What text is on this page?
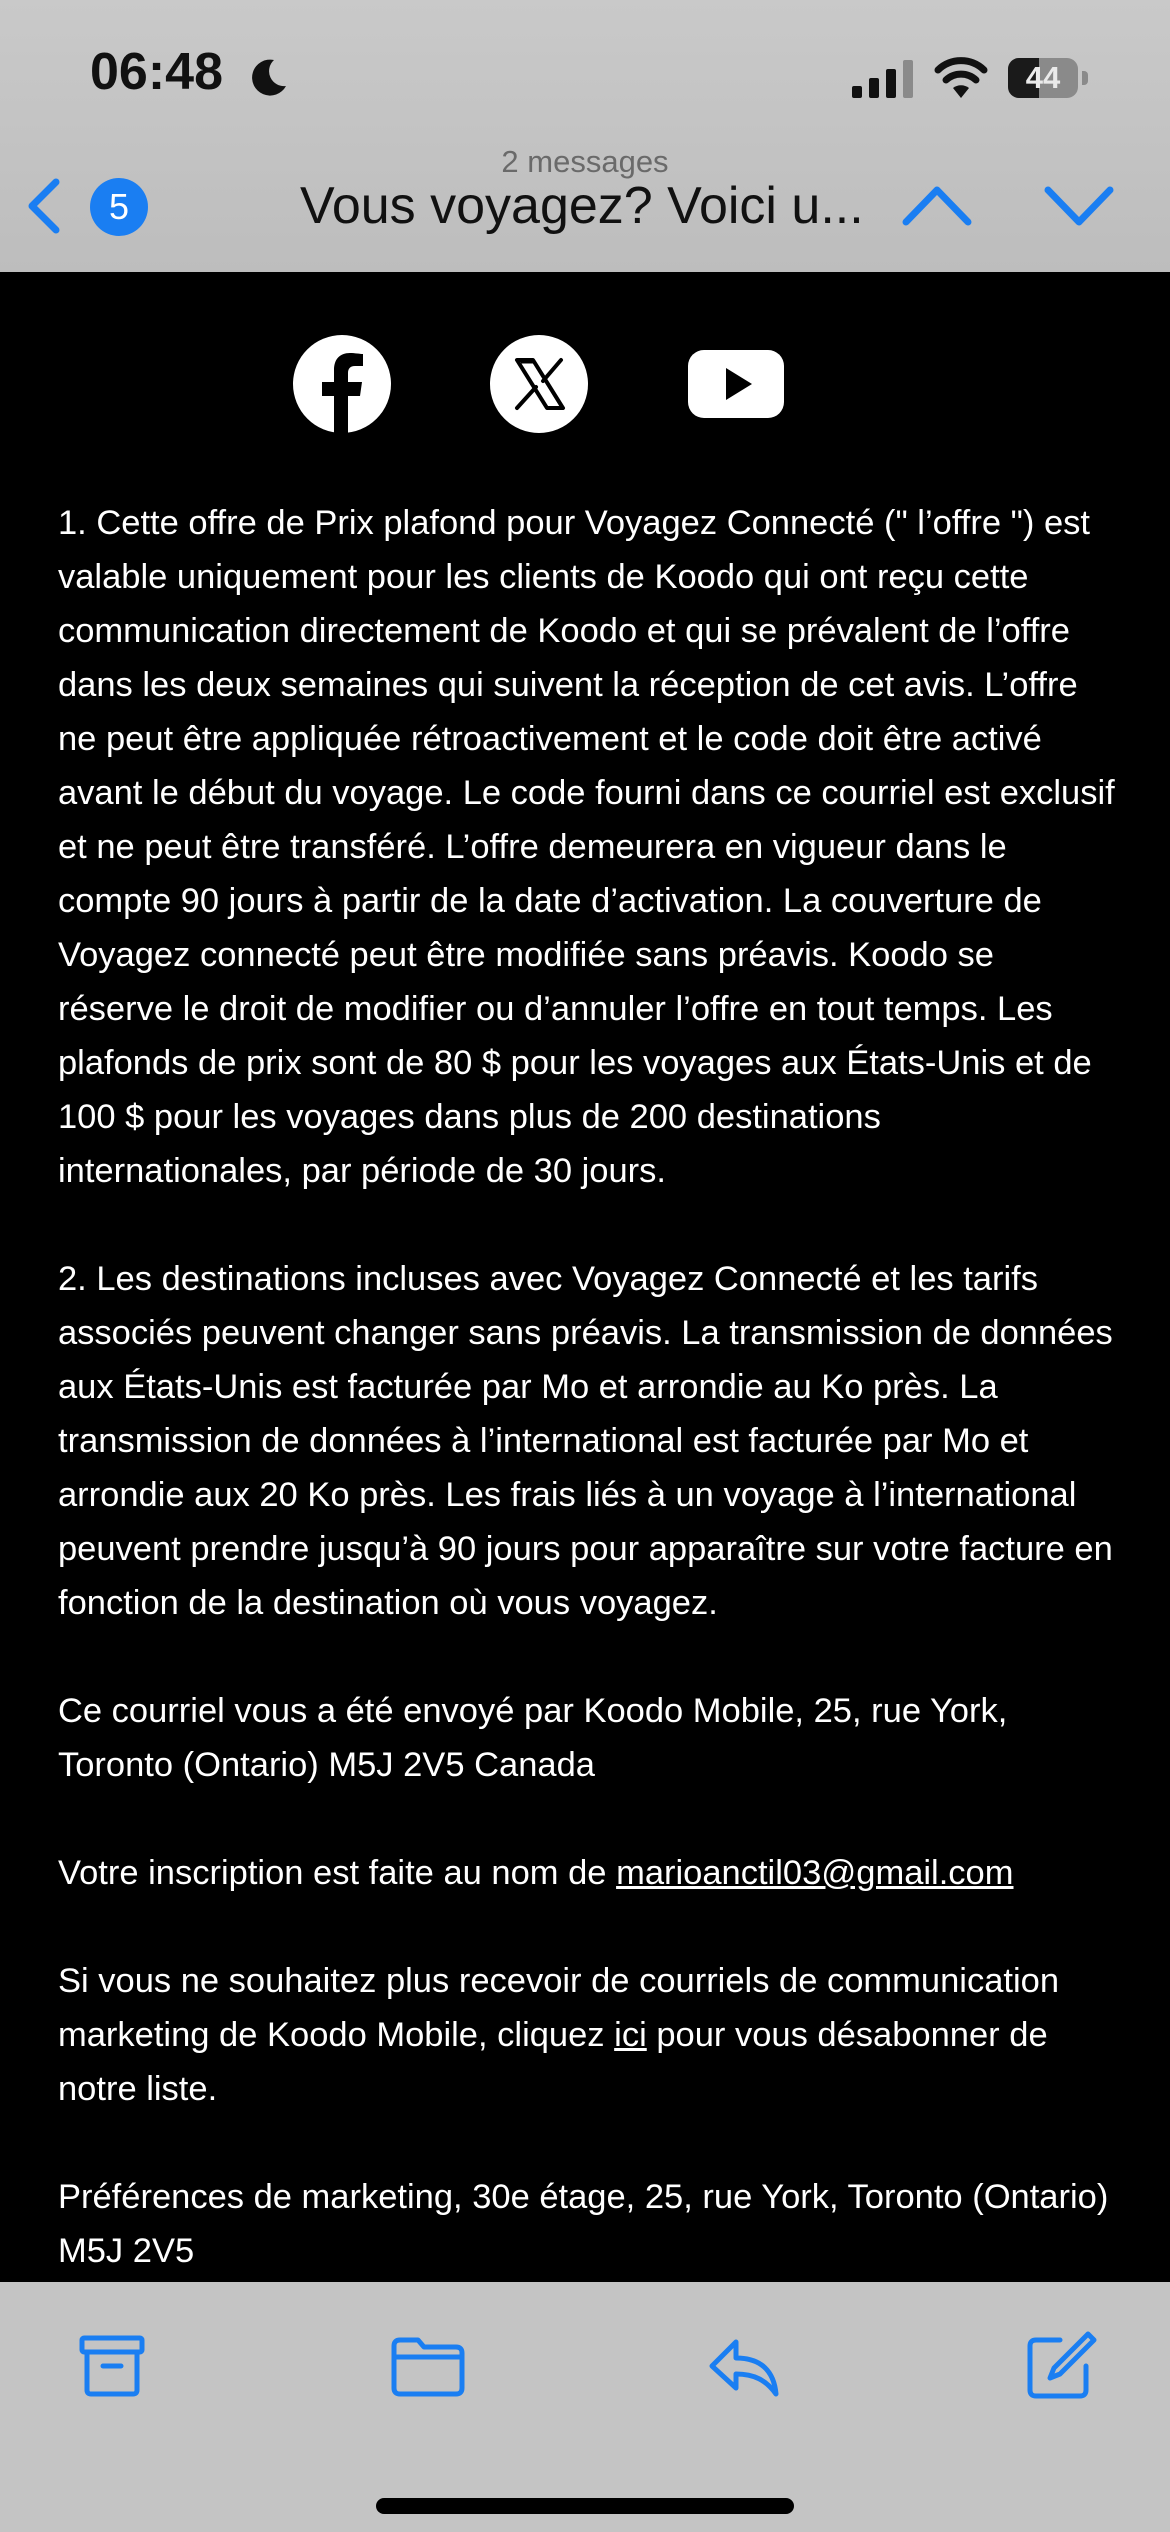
06:48	44
5
2 messages
Vous voyagez? Voici u...

1. Cette offre de Prix plafond pour Voyagez Connecté (" l’offre ") est valable uniquement pour les clients de Koodo qui ont reçu cette communication directement de Koodo et qui se prévalent de l’offre dans les deux semaines qui suivent la réception de cet avis. L’offre ne peut être appliquée rétroactivement et le code doit être activé avant le début du voyage. Le code fourni dans ce courriel est exclusif et ne peut être transféré. L’offre demeurera en vigueur dans le compte 90 jours à partir de la date d’activation. La couverture de Voyagez connecté peut être modifiée sans préavis. Koodo se réserve le droit de modifier ou d’annuler l’offre en tout temps. Les plafonds de prix sont de 80 $ pour les voyages aux États-Unis et de 100 $ pour les voyages dans plus de 200 destinations internationales, par période de 30 jours.

2. Les destinations incluses avec Voyagez Connecté et les tarifs associés peuvent changer sans préavis. La transmission de données aux États-Unis est facturée par Mo et arrondie au Ko près. La transmission de données à l’international est facturée par Mo et arrondie aux 20 Ko près. Les frais liés à un voyage à l’international peuvent prendre jusqu’à 90 jours pour apparaître sur votre facture en fonction de la destination où vous voyagez.

Ce courriel vous a été envoyé par Koodo Mobile, 25, rue York, Toronto (Ontario) M5J 2V5 Canada

Votre inscription est faite au nom de marioanctil03@gmail.com

Si vous ne souhaitez plus recevoir de courriels de communication marketing de Koodo Mobile, cliquez ici pour vous désabonner de notre liste.

Préférences de marketing, 30e étage, 25, rue York, Toronto (Ontario) M5J 2V5
